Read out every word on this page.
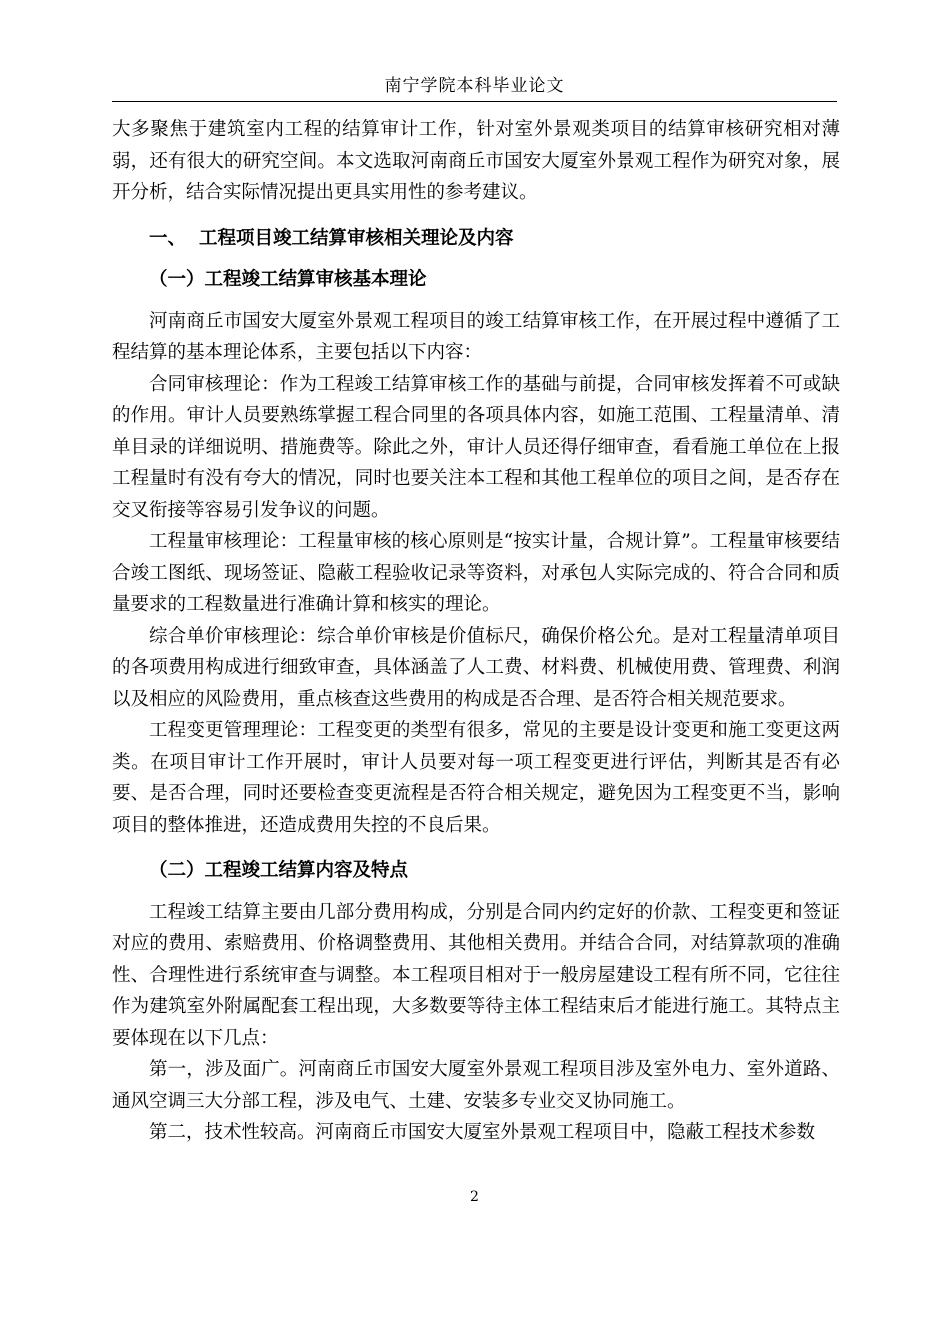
南宁学院本科毕业论文

大多聚焦于建筑室内工程的结算审计工作，针对室外景观类项目的结算审核研究相对薄弱，还有很大的研究空间。本文选取河南商丘市国安大厦室外景观工程作为研究对象，展开分析，结合实际情况提出更具实用性的参考建议。

一、 工程项目竣工结算审核相关理论及内容
（一）工程竣工结算审核基本理论

河南商丘市国安大厦室外景观工程项目的竣工结算审核工作，在开展过程中遵循了工程结算的基本理论体系，主要包括以下内容：

合同审核理论：作为工程竣工结算审核工作的基础与前提，合同审核发挥着不可或缺的作用。审计人员要熟练掌握工程合同里的各项具体内容，如施工范围、工程量清单、清单目录的详细说明、措施费等。除此之外，审计人员还得仔细审查，看看施工单位在上报工程量时有没有夸大的情况，同时也要关注本工程和其他工程单位的项目之间，是否存在交叉衔接等容易引发争议的问题。

工程量审核理论：工程量审核的核心原则是“按实计量，合规计算”。工程量审核要结合竣工图纸、现场签证、隐蔽工程验收记录等资料，对承包人实际完成的、符合合同和质量要求的工程数量进行准确计算和核实的理论。

综合单价审核理论：综合单价审核是价值标尺，确保价格公允。是对工程量清单项目的各项费用构成进行细致审查，具体涵盖了人工费、材料费、机械使用费、管理费、利润以及相应的风险费用，重点核查这些费用的构成是否合理、是否符合相关规范要求。

工程变更管理理论：工程变更的类型有很多，常见的主要是设计变更和施工变更这两类。在项目审计工作开展时，审计人员要对每一项工程变更进行评估，判断其是否有必要、是否合理，同时还要检查变更流程是否符合相关规定，避免因为工程变更不当，影响项目的整体推进，还造成费用失控的不良后果。

（二）工程竣工结算内容及特点

工程竣工结算主要由几部分费用构成，分别是合同内约定好的价款、工程变更和签证对应的费用、索赔费用、价格调整费用、其他相关费用。并结合合同，对结算款项的准确性、合理性进行系统审查与调整。本工程项目相对于一般房屋建设工程有所不同，它往往作为建筑室外附属配套工程出现，大多数要等待主体工程结束后才能进行施工。其特点主要体现在以下几点：

第一，涉及面广。河南商丘市国安大厦室外景观工程项目涉及室外电力、室外道路、通风空调三大分部工程，涉及电气、土建、安装多专业交叉协同施工。

第二，技术性较高。河南商丘市国安大厦室外景观工程项目中，隐蔽工程技术参数

2
